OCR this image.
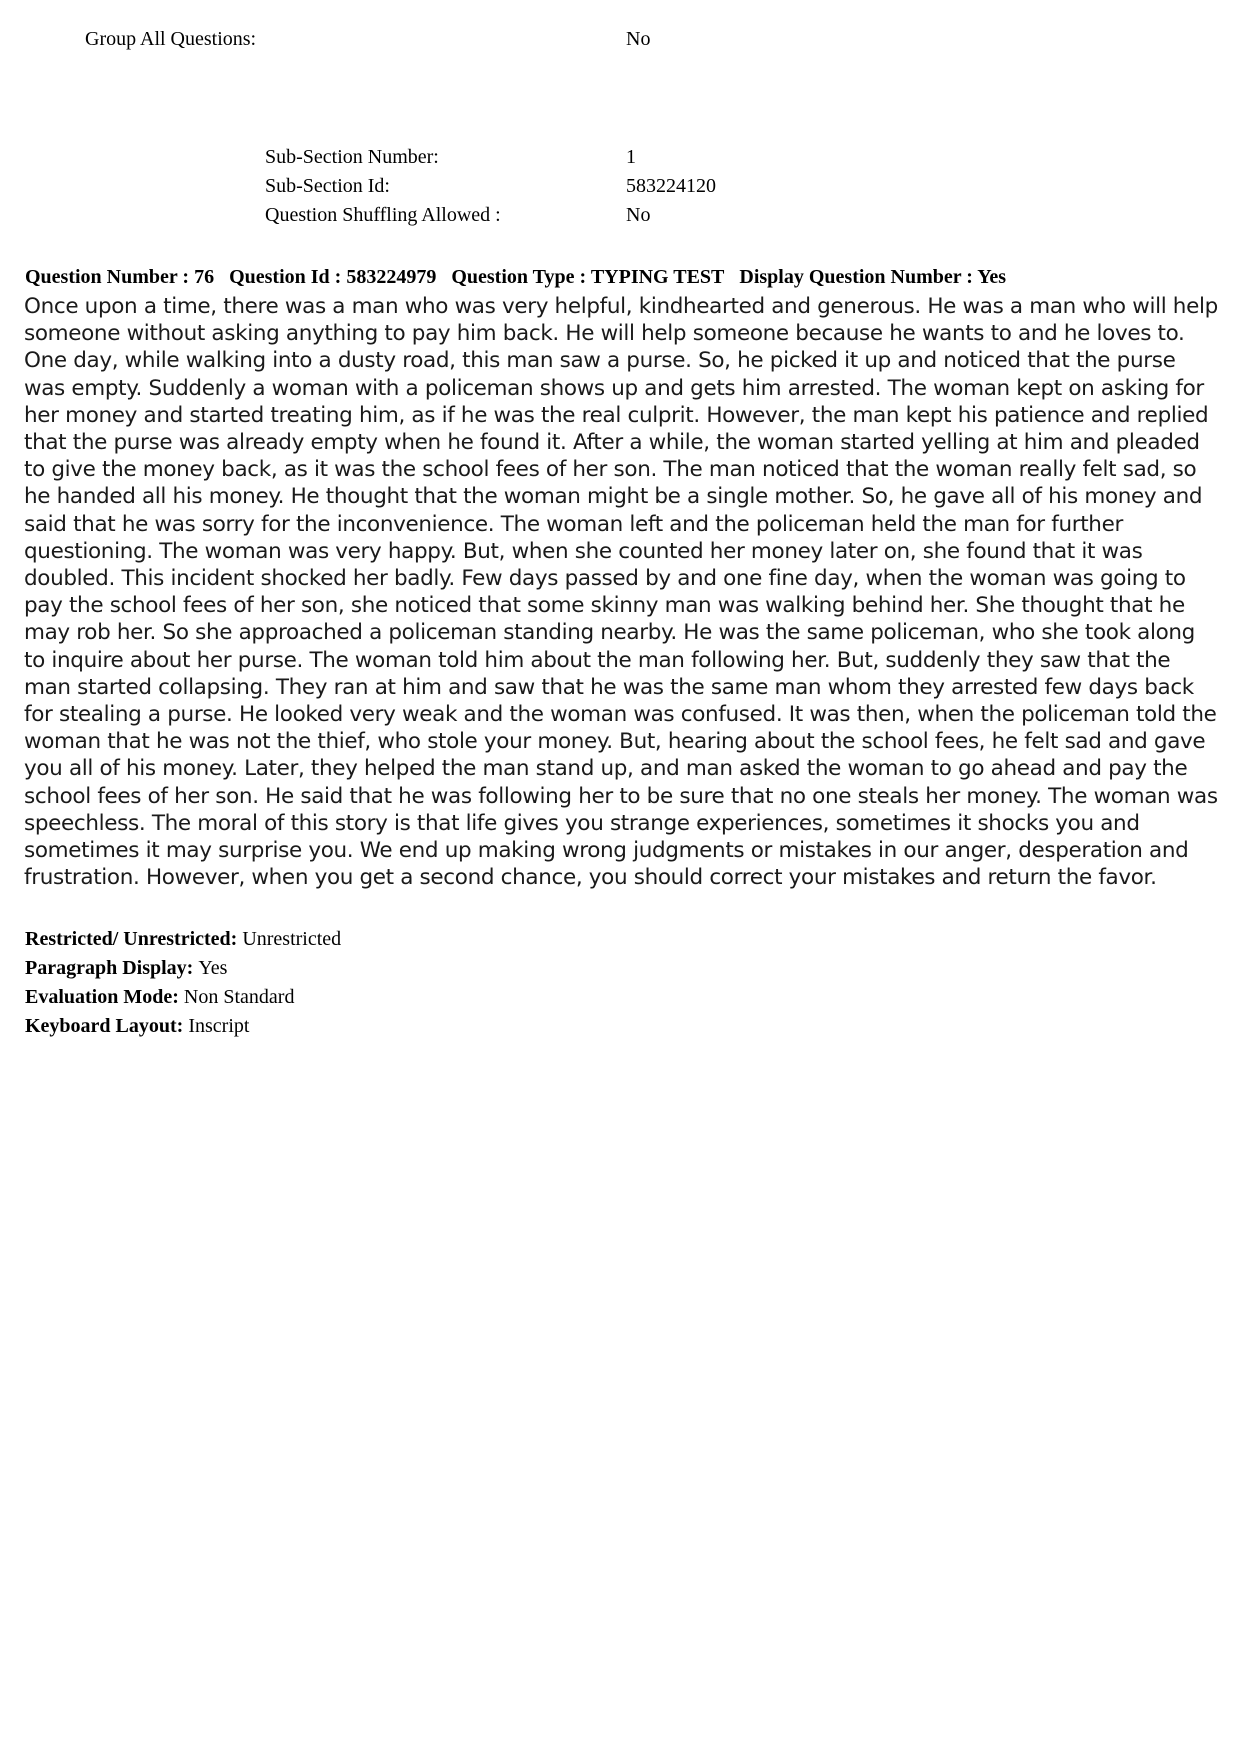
Group All Questions:	No
Sub-Section Number:	1
Sub-Section Id:	583224120
Question Shuffling Allowed :	No
Question Number : 76 Question Id : 583224979 Question Type : TYPING TEST Display Question Number : Yes
Once upon a time, there was a man who was very helpful, kindhearted and generous. He was a man who will help someone without asking anything to pay him back. He will help someone because he wants to and he loves to. One day, while walking into a dusty road, this man saw a purse. So, he picked it up and noticed that the purse was empty. Suddenly a woman with a policeman shows up and gets him arrested. The woman kept on asking for her money and started treating him, as if he was the real culprit. However, the man kept his patience and replied that the purse was already empty when he found it. After a while, the woman started yelling at him and pleaded to give the money back, as it was the school fees of her son. The man noticed that the woman really felt sad, so he handed all his money. He thought that the woman might be a single mother. So, he gave all of his money and said that he was sorry for the inconvenience. The woman left and the policeman held the man for further questioning. The woman was very happy. But, when she counted her money later on, she found that it was doubled. This incident shocked her badly. Few days passed by and one fine day, when the woman was going to pay the school fees of her son, she noticed that some skinny man was walking behind her. She thought that he may rob her. So she approached a policeman standing nearby. He was the same policeman, who she took along to inquire about her purse. The woman told him about the man following her. But, suddenly they saw that the man started collapsing. They ran at him and saw that he was the same man whom they arrested few days back for stealing a purse. He looked very weak and the woman was confused. It was then, when the policeman told the woman that he was not the thief, who stole your money. But, hearing about the school fees, he felt sad and gave you all of his money. Later, they helped the man stand up, and man asked the woman to go ahead and pay the school fees of her son. He said that he was following her to be sure that no one steals her money. The woman was speechless. The moral of this story is that life gives you strange experiences, sometimes it shocks you and sometimes it may surprise you. We end up making wrong judgments or mistakes in our anger, desperation and frustration. However, when you get a second chance, you should correct your mistakes and return the favor.
Restricted/ Unrestricted: Unrestricted
Paragraph Display: Yes
Evaluation Mode: Non Standard
Keyboard Layout: Inscript
